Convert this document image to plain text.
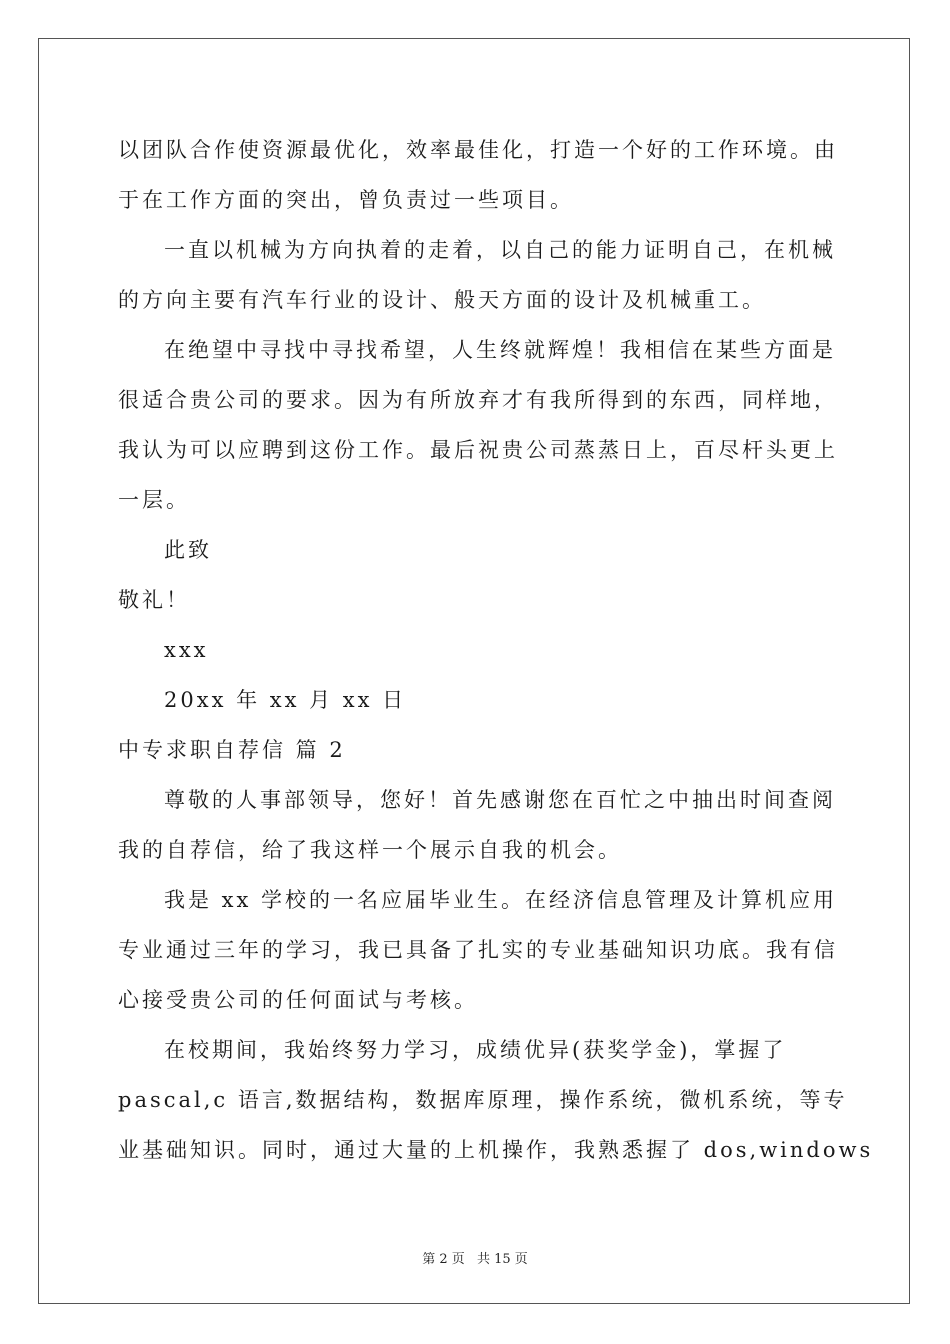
以团队合作使资源最优化，效率最佳化，打造一个好的工作环境。由
于在工作方面的突出，曾负责过一些项目。
一直以机械为方向执着的走着，以自己的能力证明自己，在机械
的方向主要有汽车行业的设计、般天方面的设计及机械重工。
在绝望中寻找中寻找希望，人生终就辉煌！我相信在某些方面是
很适合贵公司的要求。因为有所放弃才有我所得到的东西，同样地，
我认为可以应聘到这份工作。最后祝贵公司蒸蒸日上，百尽杆头更上
一层。
此致
敬礼！
xxx
20xx 年 xx 月 xx 日
中专求职自荐信 篇 2
尊敬的人事部领导，您好！首先感谢您在百忙之中抽出时间查阅
我的自荐信，给了我这样一个展示自我的机会。
我是 xx 学校的一名应届毕业生。在经济信息管理及计算机应用
专业通过三年的学习，我已具备了扎实的专业基础知识功底。我有信
心接受贵公司的任何面试与考核。
在校期间，我始终努力学习，成绩优异(获奖学金)，掌握了
pascal,c 语言,数据结构，数据库原理，操作系统，微机系统，等专
业基础知识。同时，通过大量的上机操作，我熟悉握了 dos,windows
第 2 页 共 15 页
